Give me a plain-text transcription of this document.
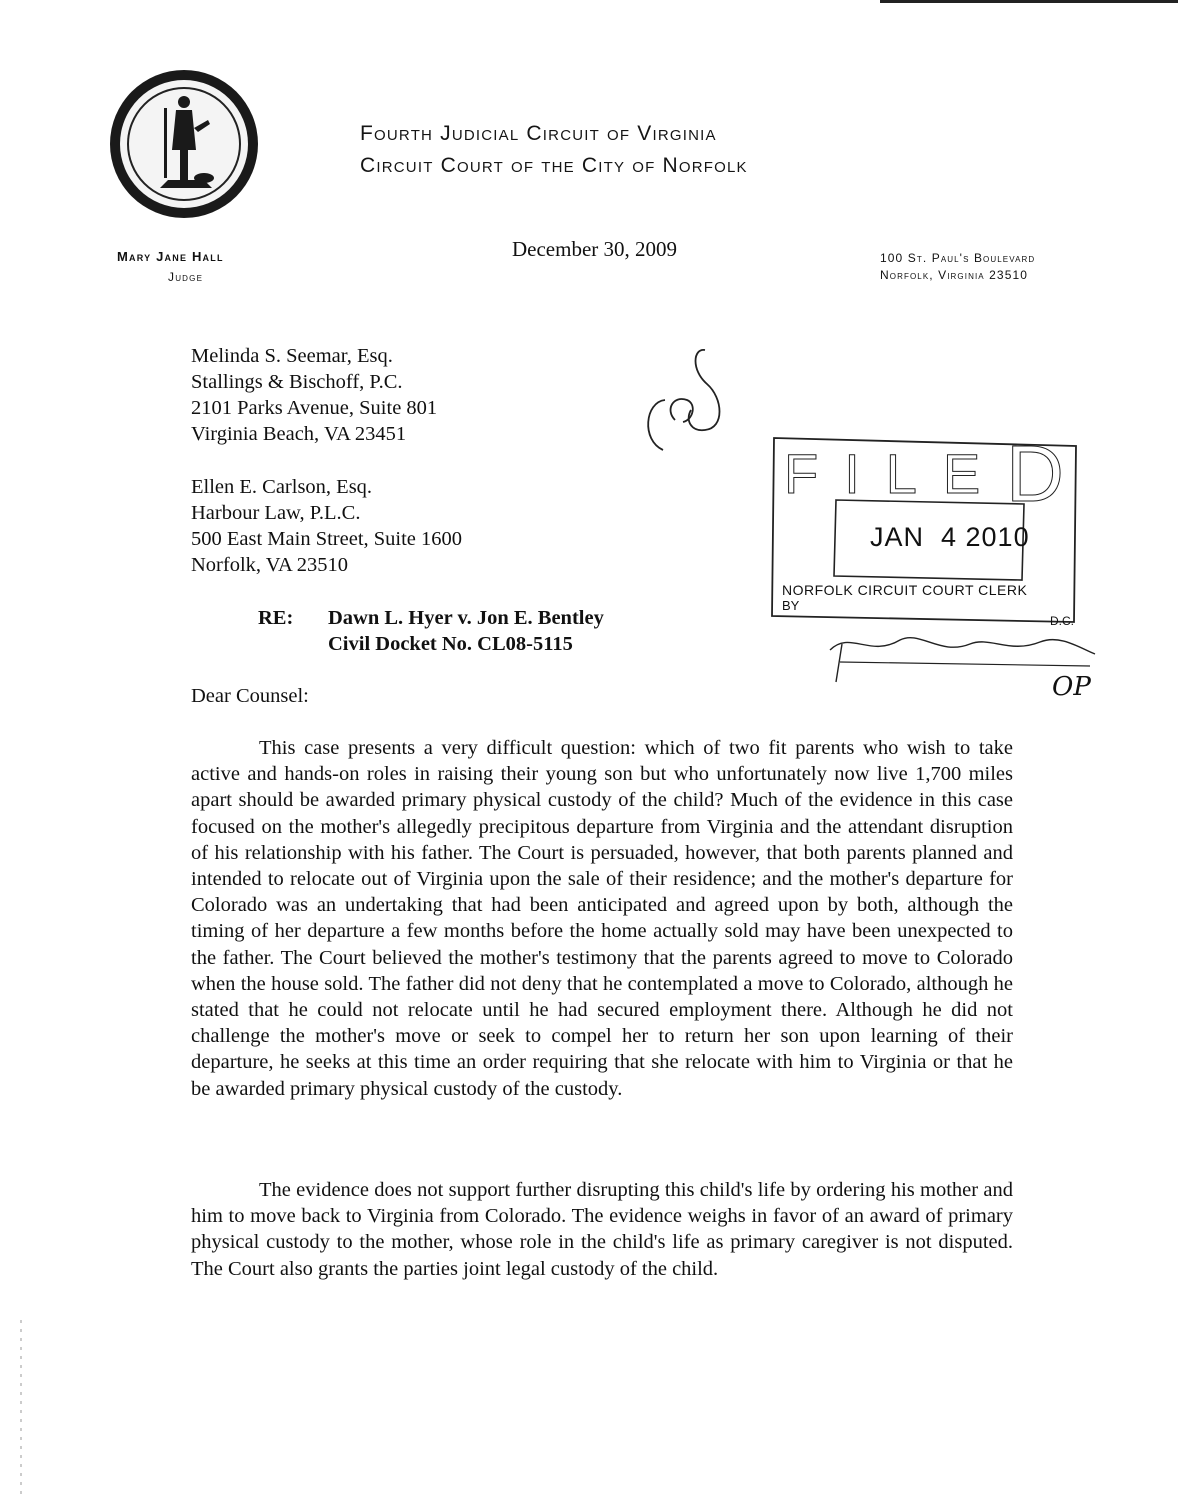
Fourth Judicial Circuit of Virginia
Circuit Court of the City of Norfolk
Mary Jane Hall
Judge
December 30, 2009	100 St. Paul's Boulevard
Norfolk, Virginia 23510
Melinda S. Seemar, Esq.
Stallings & Bischoff, P.C.
2101 Parks Avenue, Suite 801
Virginia Beach, VA 23451
Ellen E. Carlson, Esq.
Harbour Law, P.L.C.
500 East Main Street, Suite 1600
Norfolk, VA 23510
RE: Dawn L. Hyer v. Jon E. Bentley
Civil Docket No. CL08-5115
Dear Counsel:

This case presents a very difficult question: which of two fit parents who wish to take active and hands-on roles in raising their young son but who unfortunately now live 1,700 miles apart should be awarded primary physical custody of the child? Much of the evidence in this case focused on the mother's allegedly precipitous departure from Virginia and the attendant disruption of his relationship with his father. The Court is persuaded, however, that both parents planned and intended to relocate out of Virginia upon the sale of their residence; and the mother's departure for Colorado was an undertaking that had been anticipated and agreed upon by both, although the timing of her departure a few months before the home actually sold may have been unexpected to the father. The Court believed the mother's testimony that the parents agreed to move to Colorado when the house sold. The father did not deny that he contemplated a move to Colorado, although he stated that he could not relocate until he had secured employment there. Although he did not challenge the mother's move or seek to compel her to return her son upon learning of their departure, he seeks at this time an order requiring that she relocate with him to Virginia or that he be awarded primary physical custody of the custody.

The evidence does not support further disrupting this child's life by ordering his mother and him to move back to Virginia from Colorado. The evidence weighs in favor of an award of primary physical custody to the mother, whose role in the child's life as primary caregiver is not disputed. The Court also grants the parties joint legal custody of the child.

F I L E D
JAN  4 2010
NORFOLK CIRCUIT COURT CLERK
BY
D.C.
OP
